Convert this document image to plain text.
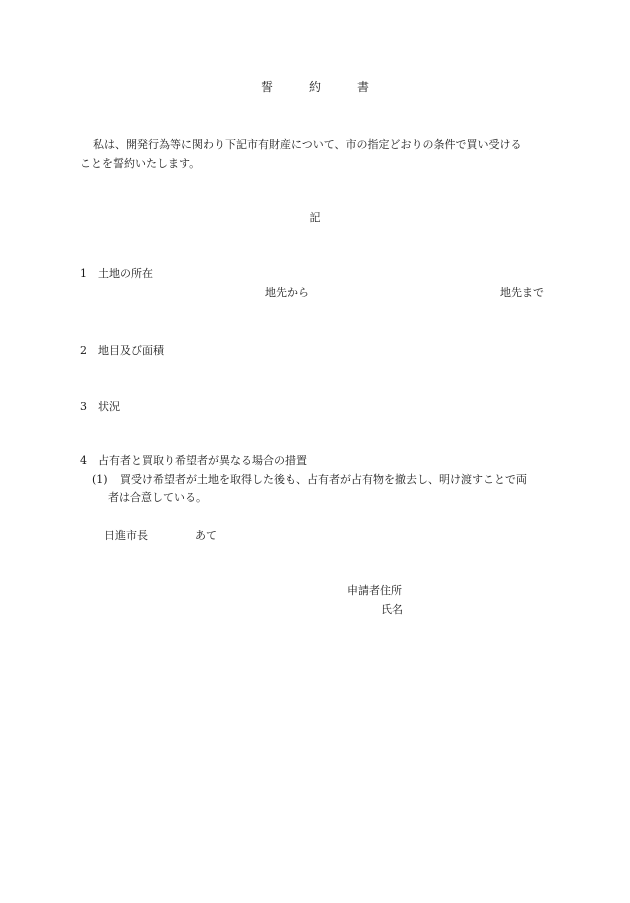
誓	約	書
私は、開発行為等に関わり下記市有財産について、市の指定どおりの条件で買い受ける
ことを誓約いたします。
記
1 土地の所在
地先から	地先まで
2 地目及び面積
3 状況
4 占有者と買取り希望者が異なる場合の措置
(1) 買受け希望者が土地を取得した後も、占有者が占有物を撤去し、明け渡すことで両
者は合意している。
日進市長	あて
申請者住所
氏名
